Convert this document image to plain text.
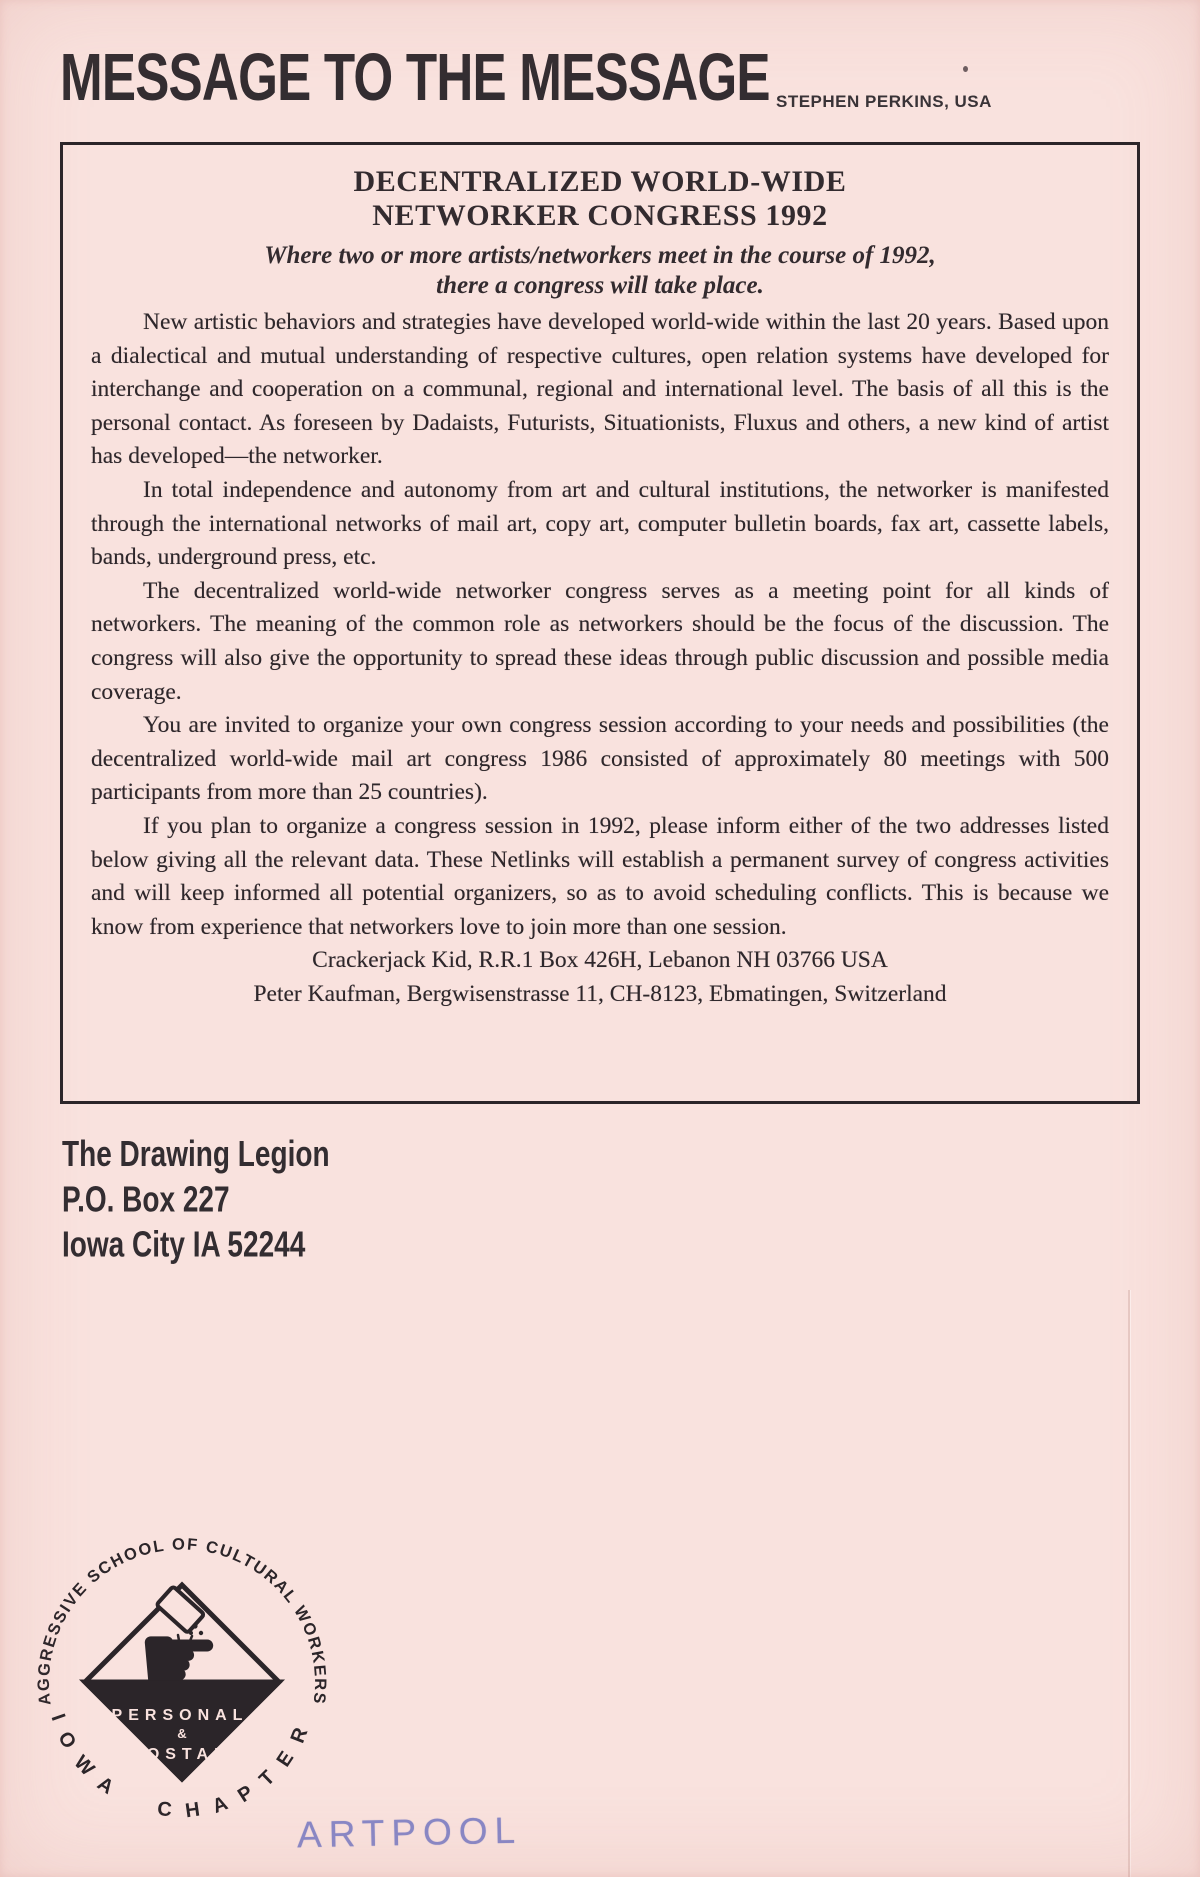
MESSAGE TO THE MESSAGE STEPHEN PERKINS, USA
DECENTRALIZED WORLD-WIDE
NETWORKER CONGRESS 1992

Where two or more artists/networkers meet in the course of 1992,
there a congress will take place.

New artistic behaviors and strategies have developed world-wide within the last 20 years. Based upon a dialectical and mutual understanding of respective cultures, open relation systems have developed for interchange and cooperation on a communal, regional and international level. The basis of all this is the personal contact. As foreseen by Dadaists, Futurists, Situationists, Fluxus and others, a new kind of artist has developed—the networker.

In total independence and autonomy from art and cultural institutions, the networker is manifested through the international networks of mail art, copy art, computer bulletin boards, fax art, cassette labels, bands, underground press, etc.

The decentralized world-wide networker congress serves as a meeting point for all kinds of networkers. The meaning of the common role as networkers should be the focus of the discussion. The congress will also give the opportunity to spread these ideas through public discussion and possible media coverage.

You are invited to organize your own congress session according to your needs and possibilities (the decentralized world-wide mail art congress 1986 consisted of approximately 80 meetings with 500 participants from more than 25 countries).

If you plan to organize a congress session in 1992, please inform either of the two addresses listed below giving all the relevant data. These Netlinks will establish a permanent survey of congress activities and will keep informed all potential organizers, so as to avoid scheduling conflicts. This is because we know from experience that networkers love to join more than one session.

Crackerjack Kid, R.R.1 Box 426H, Lebanon NH 03766 USA

Peter Kaufman, Bergwisenstrasse 11, CH-8123, Ebmatingen, Switzerland

The Drawing Legion
P.O. Box 227
Iowa City IA 52244
☛
PERSONAL
&
POSTAL
AGGRESSIVE SCHOOL OF CULTURAL WORKERS
IOWA CHAPTER
ARTPOOL
